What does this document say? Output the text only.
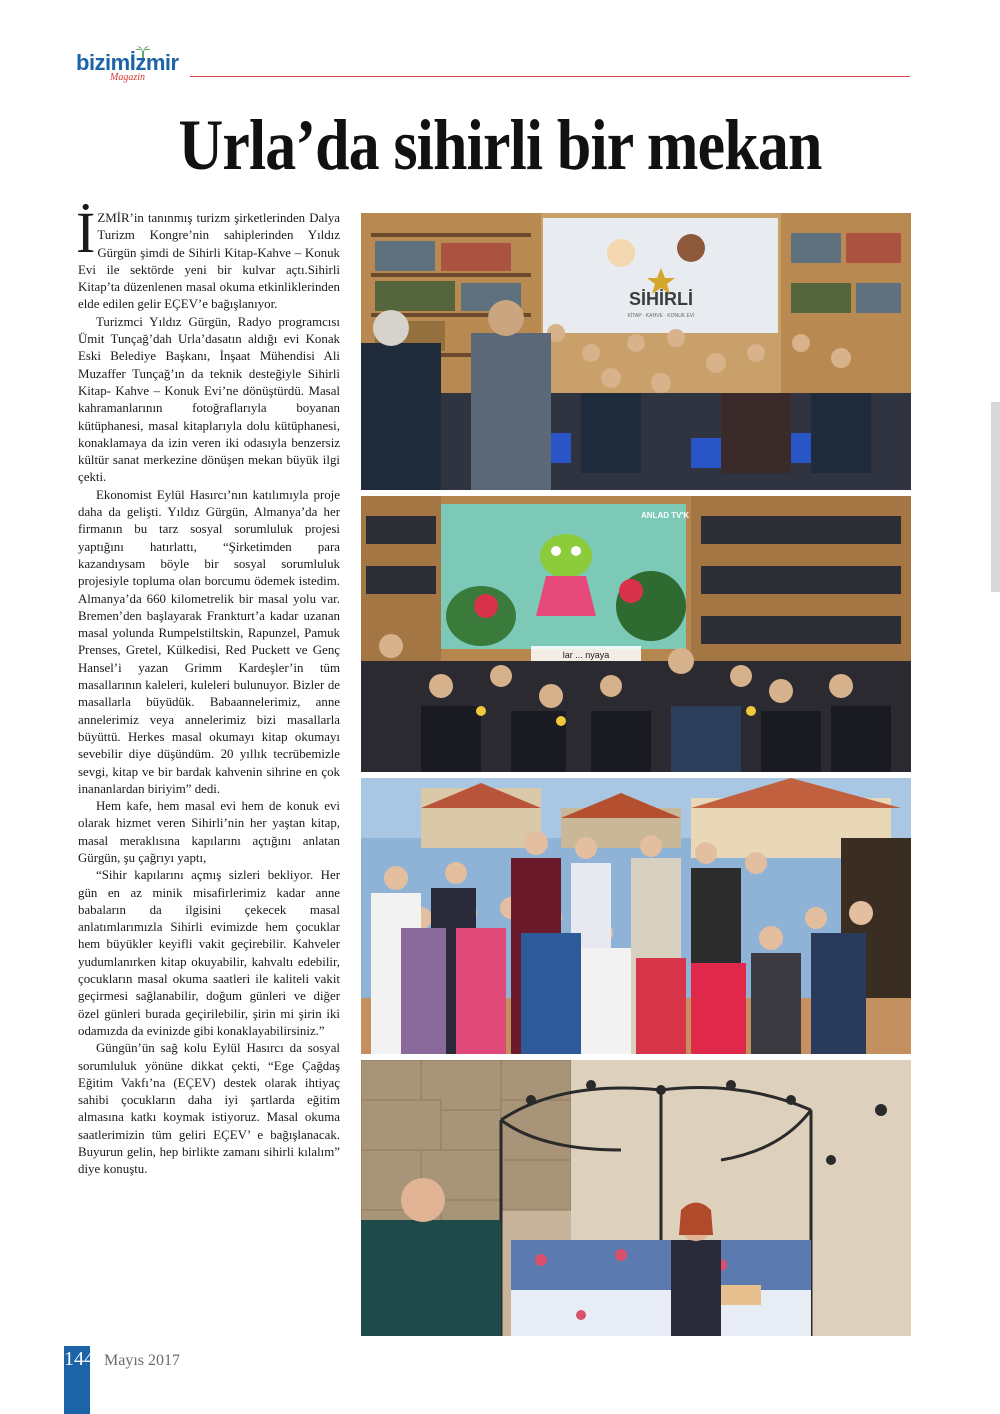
bizimİzmir
Magazin
Urla’da sihirli bir mekan

İZMİR’in tanınmış turizm şirketlerinden Dalya Turizm Kongre’nin sahiplerinden Yıldız Gürgün şimdi de Sihirli Kitap-Kahve – Konuk Evi ile sektörde yeni bir kulvar açtı.Sihirli Kitap’ta düzenlenen masal okuma etkinliklerinden elde edilen gelir EÇEV’e bağışlanıyor.

Turizmci Yıldız Gürgün, Radyo programcısı Ümit Tunçağ’dah Urla’dasatın aldığı evi Konak Eski Belediye Başkanı, İnşaat Mühendisi Ali Muzaffer Tunçağ’ın da teknik desteğiyle Sihirli Kitap- Kahve – Konuk Evi’ne dönüştürdü. Masal kahramanlarının fotoğraflarıyla boyanan kütüphanesi, masal kitaplarıyla dolu kütüphanesi, konaklamaya da izin veren iki odasıyla benzersiz kültür sanat merkezine dönüşen mekan büyük ilgi çekti.

Ekonomist Eylül Hasırcı’nın katılımıyla proje daha da gelişti. Yıldız Gürgün, Almanya’da her firmanın bu tarz sosyal sorumluluk projesi yaptığını hatırlattı, “Şirketimden para kazandıysam böyle bir sosyal sorumluluk projesiyle topluma olan borcumu ödemek istedim. Almanya’da 660 kilometrelik bir masal yolu var. Bremen’den başlayarak Frankturt’a kadar uzanan masal yolunda Rumpelstiltskin, Rapunzel, Pamuk Prenses, Gretel, Külkedisi, Red Puckett ve Genç Hansel’i yazan Grimm Kardeşler’in tüm masallarının kaleleri, kuleleri bulunuyor. Bizler de masallarla büyüdük. Babaannelerimiz, anne annelerimiz veya annelerimiz bizi masallarla büyüttü. Herkes masal okumayı kitap okumayı sevebilir diye düşündüm. 20 yıllık tecrübemizle sevgi, kitap ve bir bardak kahvenin sihrine en çok inananlardan biriyim” dedi.

Hem kafe, hem masal evi hem de konuk evi olarak hizmet veren Sihirli’nin her yaştan kitap, masal meraklısına kapılarını açtığını anlatan Gürgün, şu çağrıyı yaptı,

“Sihir kapılarını açmış sizleri bekliyor. Her gün en az minik misafirlerimiz kadar anne babaların da ilgisini çekecek masal anlatımlarımızla Sihirli evimizde hem çocuklar hem büyükler keyifli vakit geçirebilir. Kahveler yudumlanırken kitap okuyabilir, kahvaltı edebilir, çocukların masal okuma saatleri ile kaliteli vakit geçirmesi sağlanabilir, doğum günleri ve diğer özel günleri burada geçirilebilir, şirin mi şirin iki odamızda da evinizde gibi konaklayabilirsiniz.”

Güngün’ün sağ kolu Eylül Hasırcı da sosyal sorumluluk yönüne dikkat çekti, “Ege Çağdaş Eğitim Vakfı’na (EÇEV) destek olarak ihtiyaç sahibi çocukların daha iyi şartlarda eğitim almasına katkı koymak istiyoruz. Masal okuma saatlerimizin tüm geliri EÇEV’ e bağışlanacak. Buyurun gelin, hep birlikte zamanı sihirli kılalım” diye konuştu.

SİHİRLİ
KİTAP · KAHVE · KONUK EVİ
ANLAD TV'K
lar ... nyaya
144 Mayıs 2017
